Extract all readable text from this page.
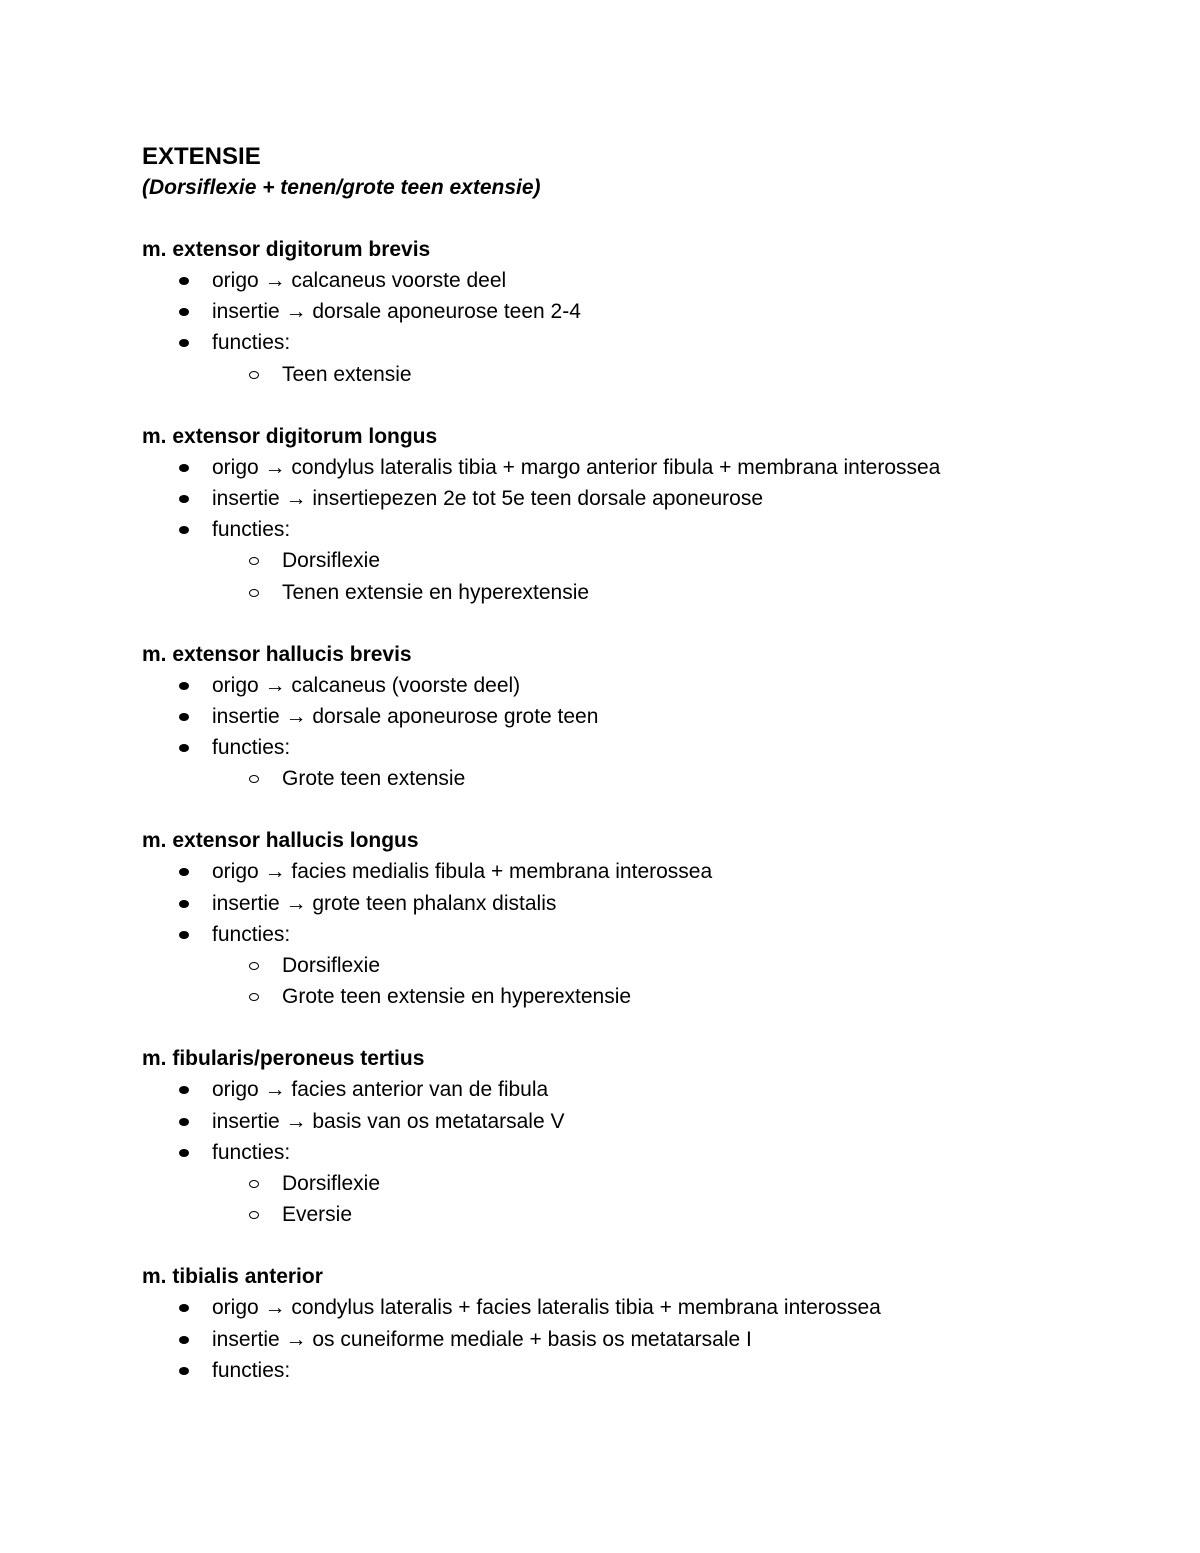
EXTENSIE
(Dorsiflexie + tenen/grote teen extensie)
m. extensor digitorum brevis
origo → calcaneus voorste deel
insertie → dorsale aponeurose teen 2-4
functies:
Teen extensie
m. extensor digitorum longus
origo → condylus lateralis tibia + margo anterior fibula + membrana interossea
insertie → insertiepezen 2e tot 5e teen dorsale aponeurose
functies:
Dorsiflexie
Tenen extensie en hyperextensie
m. extensor hallucis brevis
origo → calcaneus (voorste deel)
insertie → dorsale aponeurose grote teen
functies:
Grote teen extensie
m. extensor hallucis longus
origo → facies medialis fibula + membrana interossea
insertie → grote teen phalanx distalis
functies:
Dorsiflexie
Grote teen extensie en hyperextensie
m. fibularis/peroneus tertius
origo → facies anterior van de fibula
insertie → basis van os metatarsale V
functies:
Dorsiflexie
Eversie
m. tibialis anterior
origo → condylus lateralis + facies lateralis tibia + membrana interossea
insertie → os cuneiforme mediale + basis os metatarsale I
functies:
